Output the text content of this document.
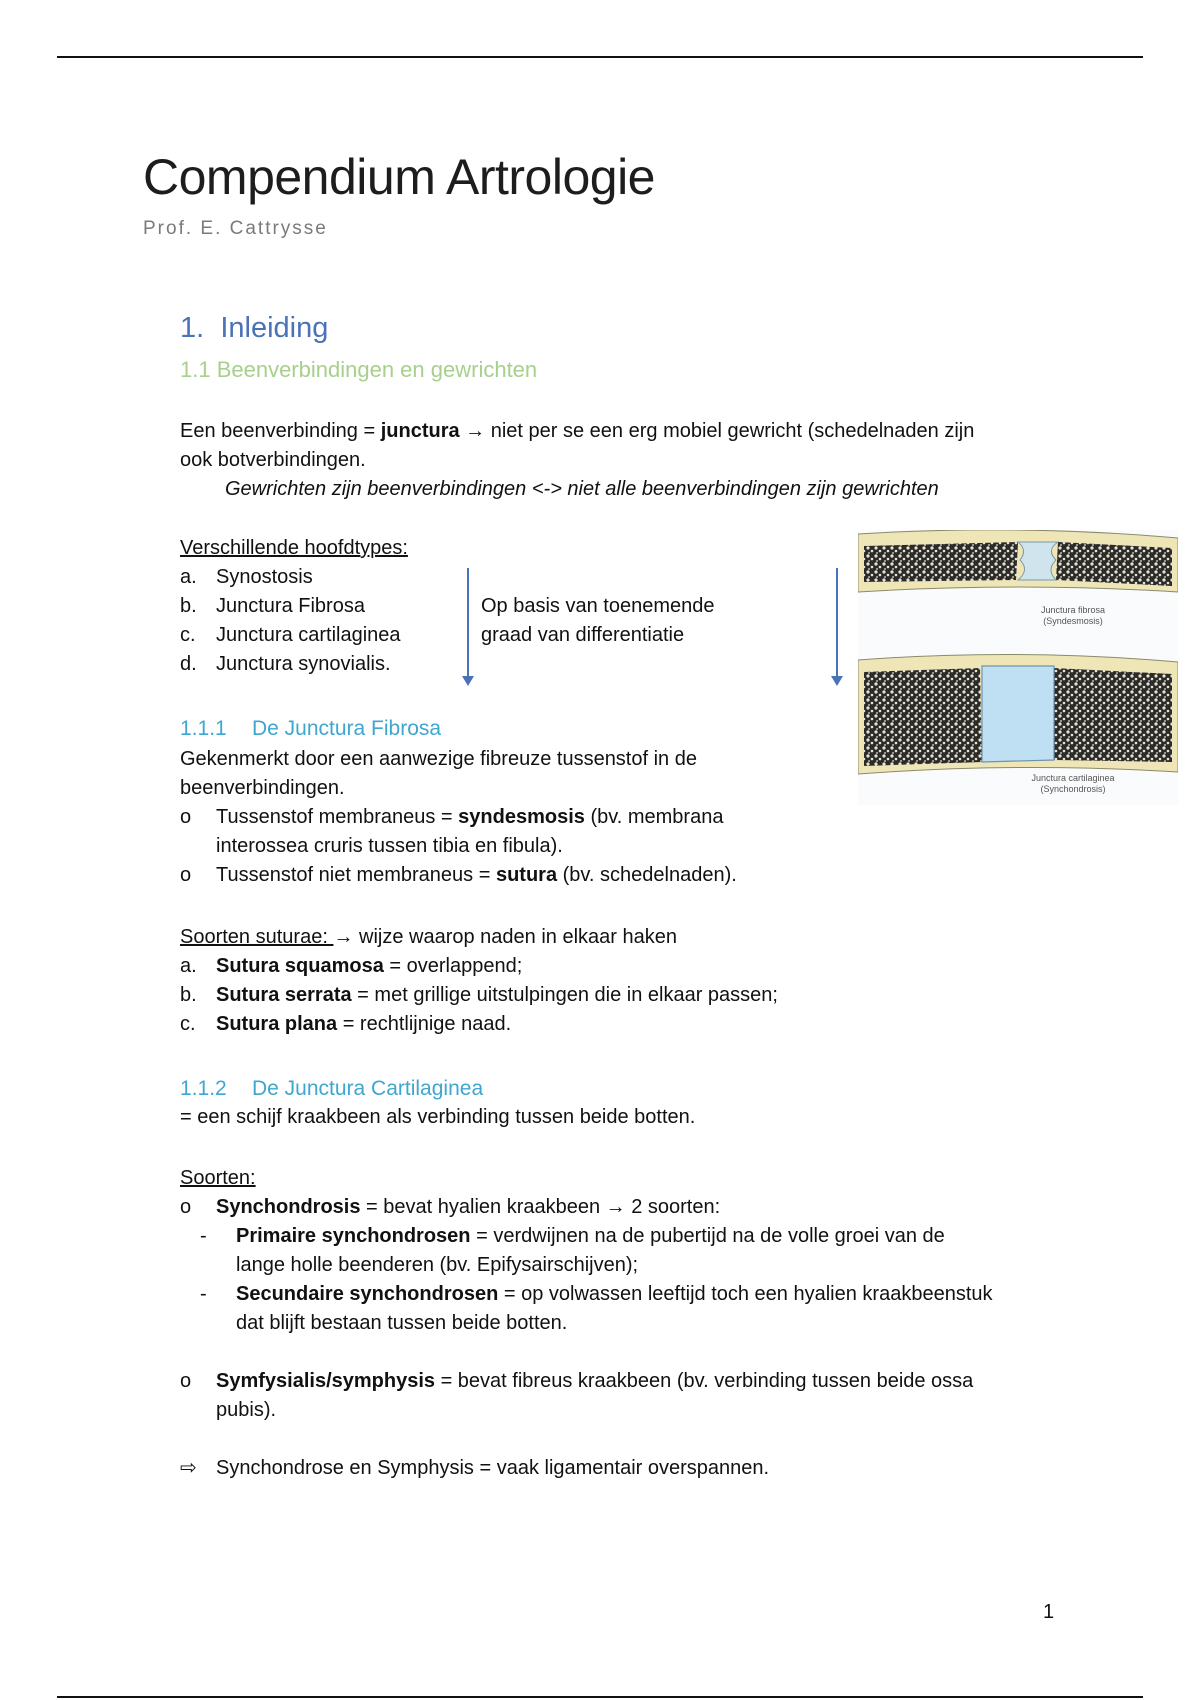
Compendium Artrologie
Prof. E. Cattrysse
1. Inleiding
1.1 Beenverbindingen en gewrichten
Een beenverbinding = junctura → niet per se een erg mobiel gewricht (schedelnaden zijn
ook botverbindingen.
Gewrichten zijn beenverbindingen <-> niet alle beenverbindingen zijn gewrichten
Verschillende hoofdtypes:
a. Synostosis
b. Junctura Fibrosa
c.	Junctura cartilaginea
d. Junctura synovialis.
Op basis van toenemende
graad van differentiatie
Junctura fibrosa
(Syndesmosis)
Junctura cartilaginea
(Synchondrosis)
1.1.1 De Junctura Fibrosa
Gekenmerkt door een aanwezige fibreuze tussenstof in de
beenverbindingen.
o	Tussenstof membraneus = syndesmosis (bv. membrana
interossea cruris tussen tibia en fibula).
o	Tussenstof niet membraneus = sutura (bv. schedelnaden).
Soorten suturae: → wijze waarop naden in elkaar haken
a. Sutura squamosa = overlappend;
b. Sutura serrata = met grillige uitstulpingen die in elkaar passen;
c.	Sutura plana = rechtlijnige naad.
1.1.2 De Junctura Cartilaginea
= een schijf kraakbeen als verbinding tussen beide botten.
Soorten:
o	Synchondrosis = bevat hyalien kraakbeen → 2 soorten:
-	Primaire synchondrosen = verdwijnen na de pubertijd na de volle groei van de
lange holle beenderen (bv. Epifysairschijven);
-	Secundaire synchondrosen = op volwassen leeftijd toch een hyalien kraakbeenstuk
dat blijft bestaan tussen beide botten.
o	Symfysialis/symphysis = bevat fibreus kraakbeen (bv. verbinding tussen beide ossa
pubis).
⇨ Synchondrose en Symphysis = vaak ligamentair overspannen.
1
